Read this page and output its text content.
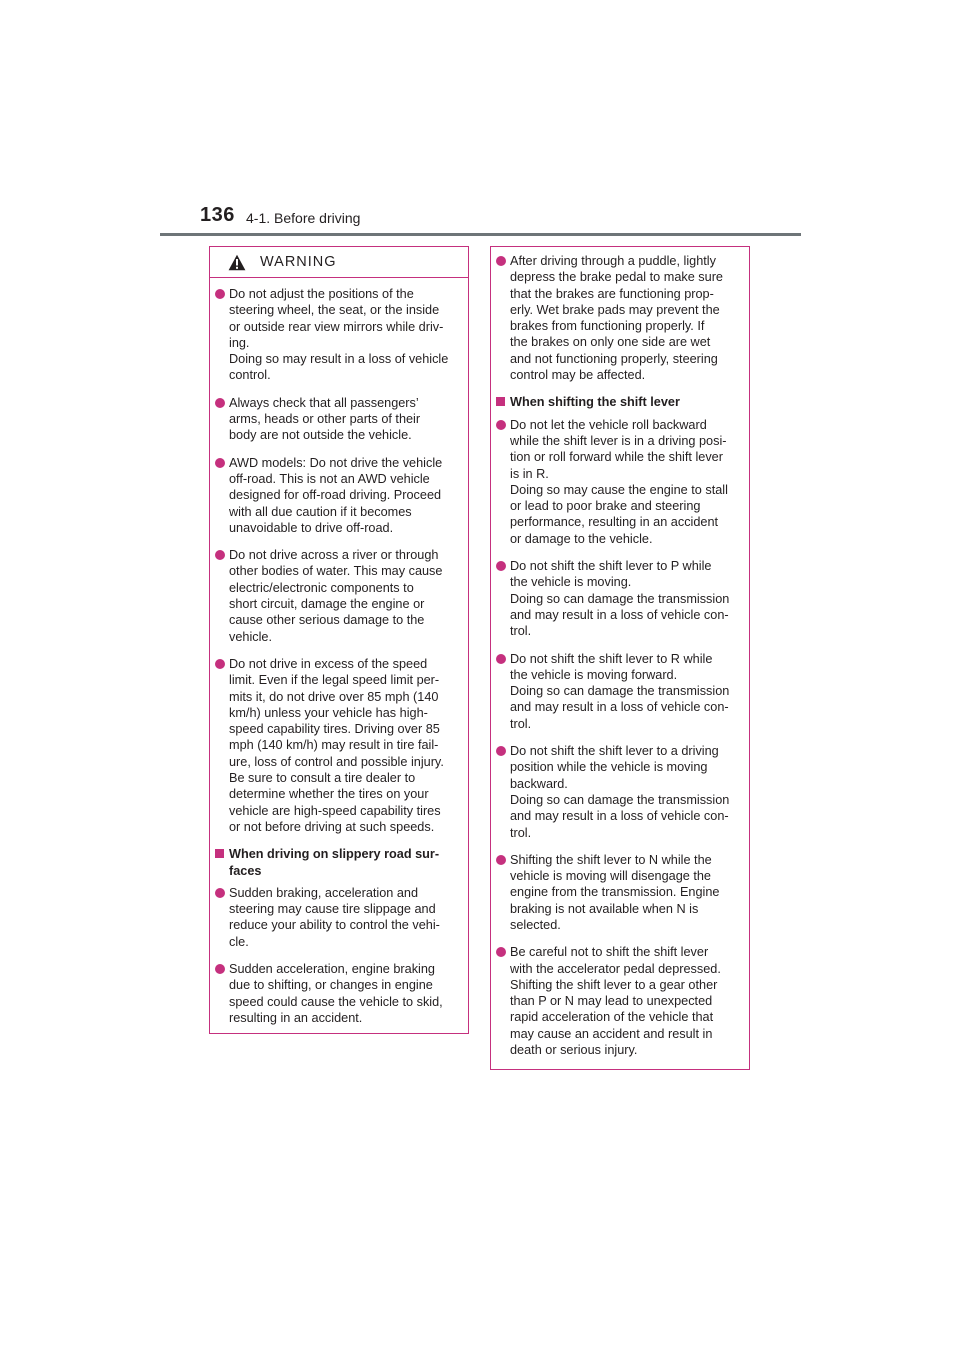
136 4-1. Before driving
WARNING
Do not adjust the positions of the
steering wheel, the seat, or the inside
or outside rear view mirrors while driv-
ing.
Doing so may result in a loss of vehicle
control.
Always check that all passengers’
arms, heads or other parts of their
body are not outside the vehicle.
AWD models: Do not drive the vehicle
off-road. This is not an AWD vehicle
designed for off-road driving. Proceed
with all due caution if it becomes
unavoidable to drive off-road.
Do not drive across a river or through
other bodies of water. This may cause
electric/electronic components to
short circuit, damage the engine or
cause other serious damage to the
vehicle.
Do not drive in excess of the speed
limit. Even if the legal speed limit per-
mits it, do not drive over 85 mph (140
km/h) unless your vehicle has high-
speed capability tires. Driving over 85
mph (140 km/h) may result in tire fail-
ure, loss of control and possible injury.
Be sure to consult a tire dealer to
determine whether the tires on your
vehicle are high-speed capability tires
or not before driving at such speeds.
When driving on slippery road sur-
faces
Sudden braking, acceleration and
steering may cause tire slippage and
reduce your ability to control the vehi-
cle.
Sudden acceleration, engine braking
due to shifting, or changes in engine
speed could cause the vehicle to skid,
resulting in an accident.
After driving through a puddle, lightly
depress the brake pedal to make sure
that the brakes are functioning prop-
erly. Wet brake pads may prevent the
brakes from functioning properly. If
the brakes on only one side are wet
and not functioning properly, steering
control may be affected.
When shifting the shift lever
Do not let the vehicle roll backward
while the shift lever is in a driving posi-
tion or roll forward while the shift lever
is in R.
Doing so may cause the engine to stall
or lead to poor brake and steering
performance, resulting in an accident
or damage to the vehicle.
Do not shift the shift lever to P while
the vehicle is moving.
Doing so can damage the transmission
and may result in a loss of vehicle con-
trol.
Do not shift the shift lever to R while
the vehicle is moving forward.
Doing so can damage the transmission
and may result in a loss of vehicle con-
trol.
Do not shift the shift lever to a driving
position while the vehicle is moving
backward.
Doing so can damage the transmission
and may result in a loss of vehicle con-
trol.
Shifting the shift lever to N while the
vehicle is moving will disengage the
engine from the transmission. Engine
braking is not available when N is
selected.
Be careful not to shift the shift lever
with the accelerator pedal depressed.
Shifting the shift lever to a gear other
than P or N may lead to unexpected
rapid acceleration of the vehicle that
may cause an accident and result in
death or serious injury.
